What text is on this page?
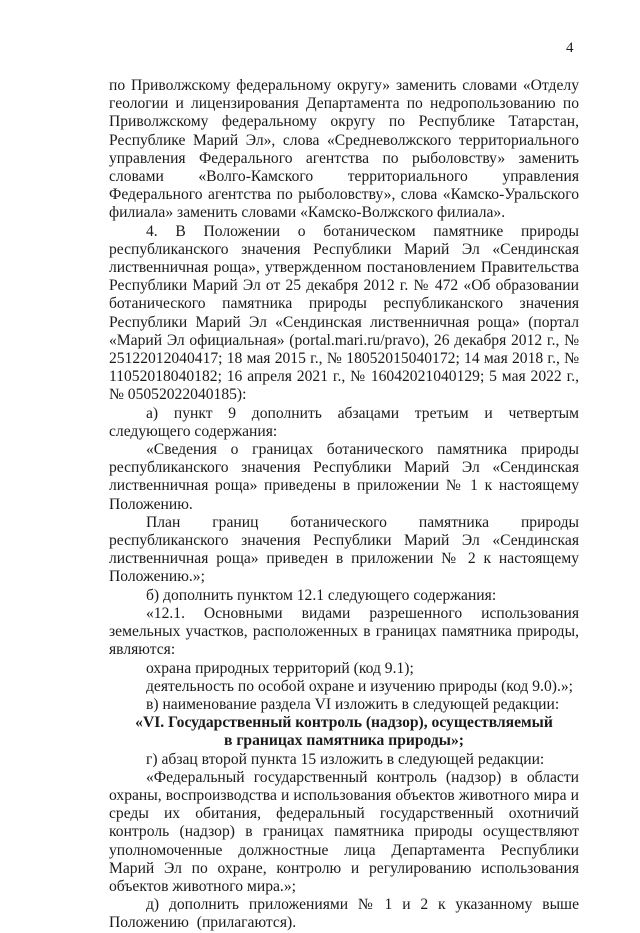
4

по Приволжскому федеральному округу» заменить словами «Отделу геологии и лицензирования Департамента по недропользованию по Приволжскому федеральному округу по Республике Татарстан, Республике Марий Эл», слова «Средневолжского территориального управления Федерального агентства по рыболовству» заменить словами «Волго-Камского территориального управления Федерального агентства по рыболовству», слова «Камско-Уральского филиала» заменить словами «Камско-Волжского филиала».

4. В Положении о ботаническом памятнике природы республиканского значения Республики Марий Эл «Сендинская лиственничная роща», утвержденном постановлением Правительства Республики Марий Эл от 25 декабря 2012 г. № 472 «Об образовании ботанического памятника природы республиканского значения Республики Марий Эл «Сендинская лиственничная роща» (портал «Марий Эл официальная» (portal.mari.ru/pravo), 26 декабря 2012 г., № 25122012040417; 18 мая 2015 г., № 18052015040172; 14 мая 2018 г., № 11052018040182; 16 апреля 2021 г., № 16042021040129; 5 мая 2022 г., № 05052022040185):

а) пункт 9 дополнить абзацами третьим и четвертым следующего содержания:

«Сведения о границах ботанического памятника природы республиканского значения Республики Марий Эл «Сендинская лиственничная роща» приведены в приложении № 1 к настоящему Положению.

План границ ботанического памятника природы республиканского значения Республики Марий Эл «Сендинская лиственничная роща» приведен в приложении № 2 к настоящему Положению.»;

б) дополнить пунктом 12.1 следующего содержания:

«12.1. Основными видами разрешенного использования земельных участков, расположенных в границах памятника природы, являются:

охрана природных территорий (код 9.1);

деятельность по особой охране и изучению природы (код 9.0).»;

в) наименование раздела VI изложить в следующей редакции:

«VI. Государственный контроль (надзор), осуществляемый

в границах памятника природы»;

г) абзац второй пункта 15 изложить в следующей редакции:

«Федеральный государственный контроль (надзор) в области охраны, воспроизводства и использования объектов животного мира и среды их обитания, федеральный государственный охотничий контроль (надзор) в границах памятника природы осуществляют уполномоченные должностные лица Департамента Республики Марий Эл по охране, контролю и регулированию использования объектов животного мира.»;

д) дополнить приложениями № 1 и 2 к указанному выше Положению (прилагаются).
